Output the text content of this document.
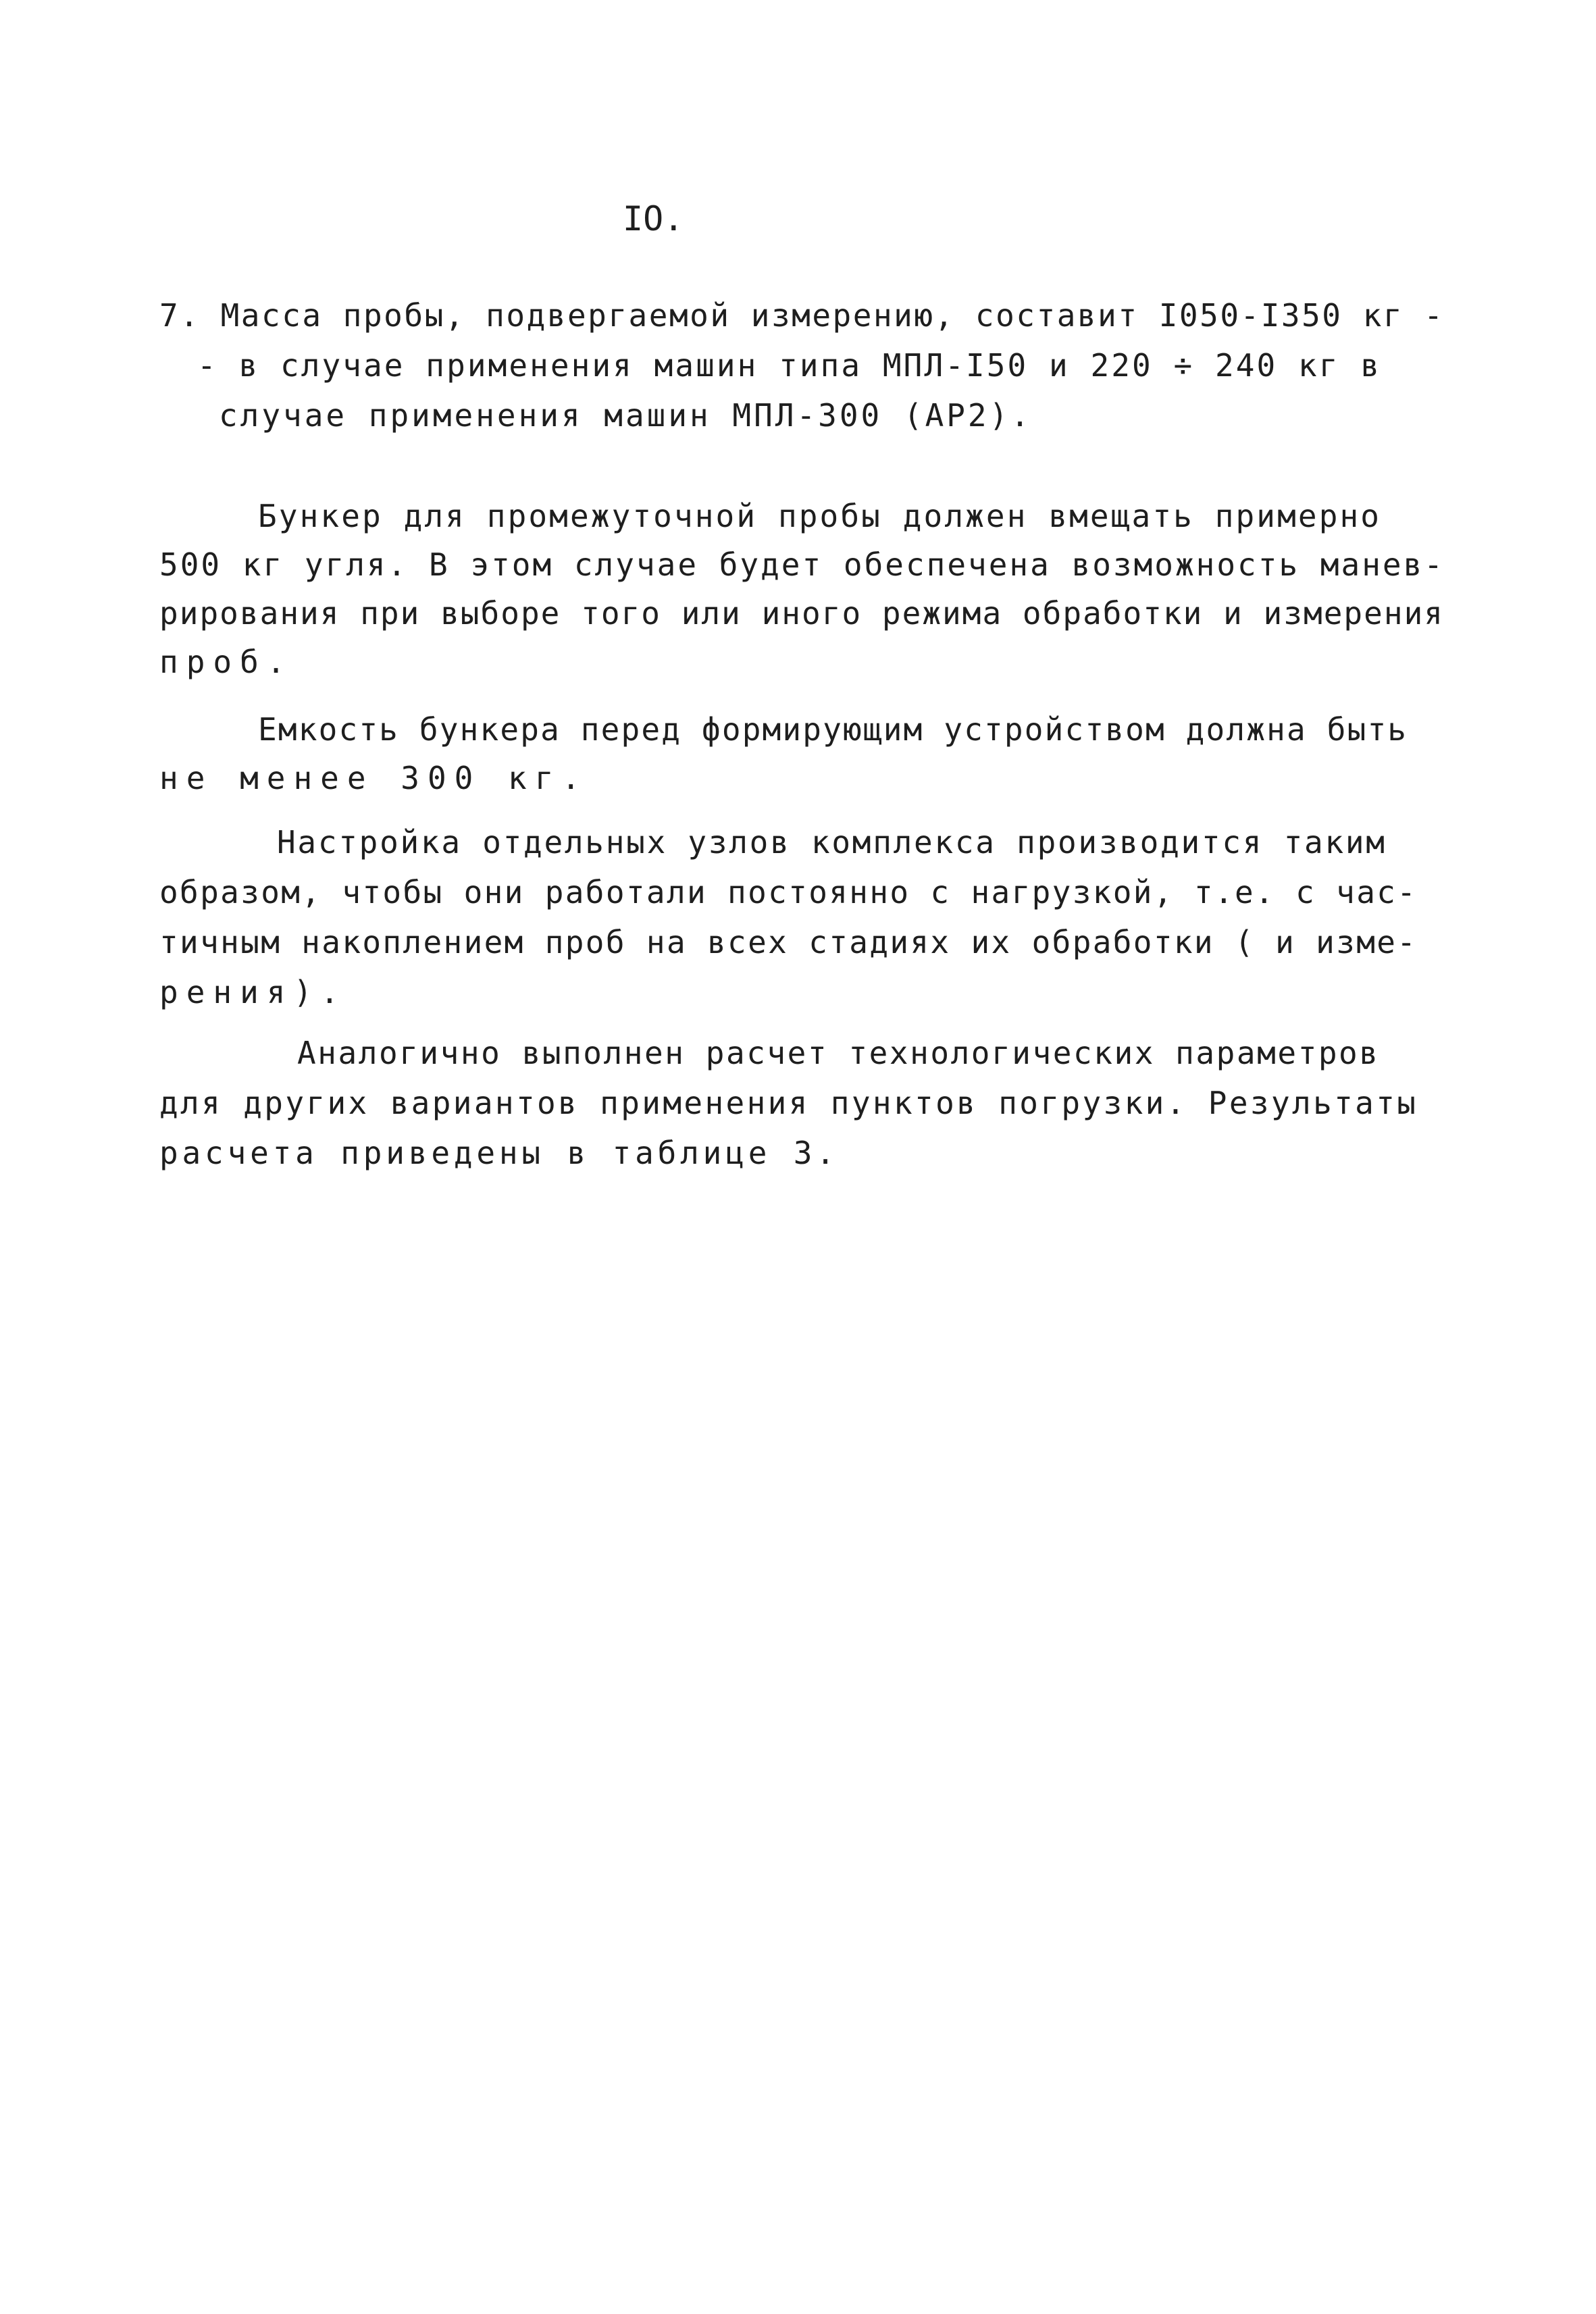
IO.
7. Масса пробы, подвергаемой измерению, составит I050-I350 кг -
- в случае применения машин типа МПЛ-I50 и 220 ÷ 240 кг в
случае применения машин МПЛ-300 (АР2).
Бункер для промежуточной пробы должен вмещать примерно
500 кг угля. В этом случае будет обеспечена возможность манев-
рирования при выборе того или иного режима обработки и измерения
проб.
Емкость бункера перед формирующим устройством должна быть
не менее 300 кг.
Настройка отдельных узлов комплекса производится таким
образом, чтобы они работали постоянно с нагрузкой, т.е. с час-
тичным накоплением проб на всех стадиях их обработки ( и изме-
рения).
Аналогично выполнен расчет технологических параметров
для других вариантов применения пунктов погрузки. Результаты
расчета приведены в таблице 3.
